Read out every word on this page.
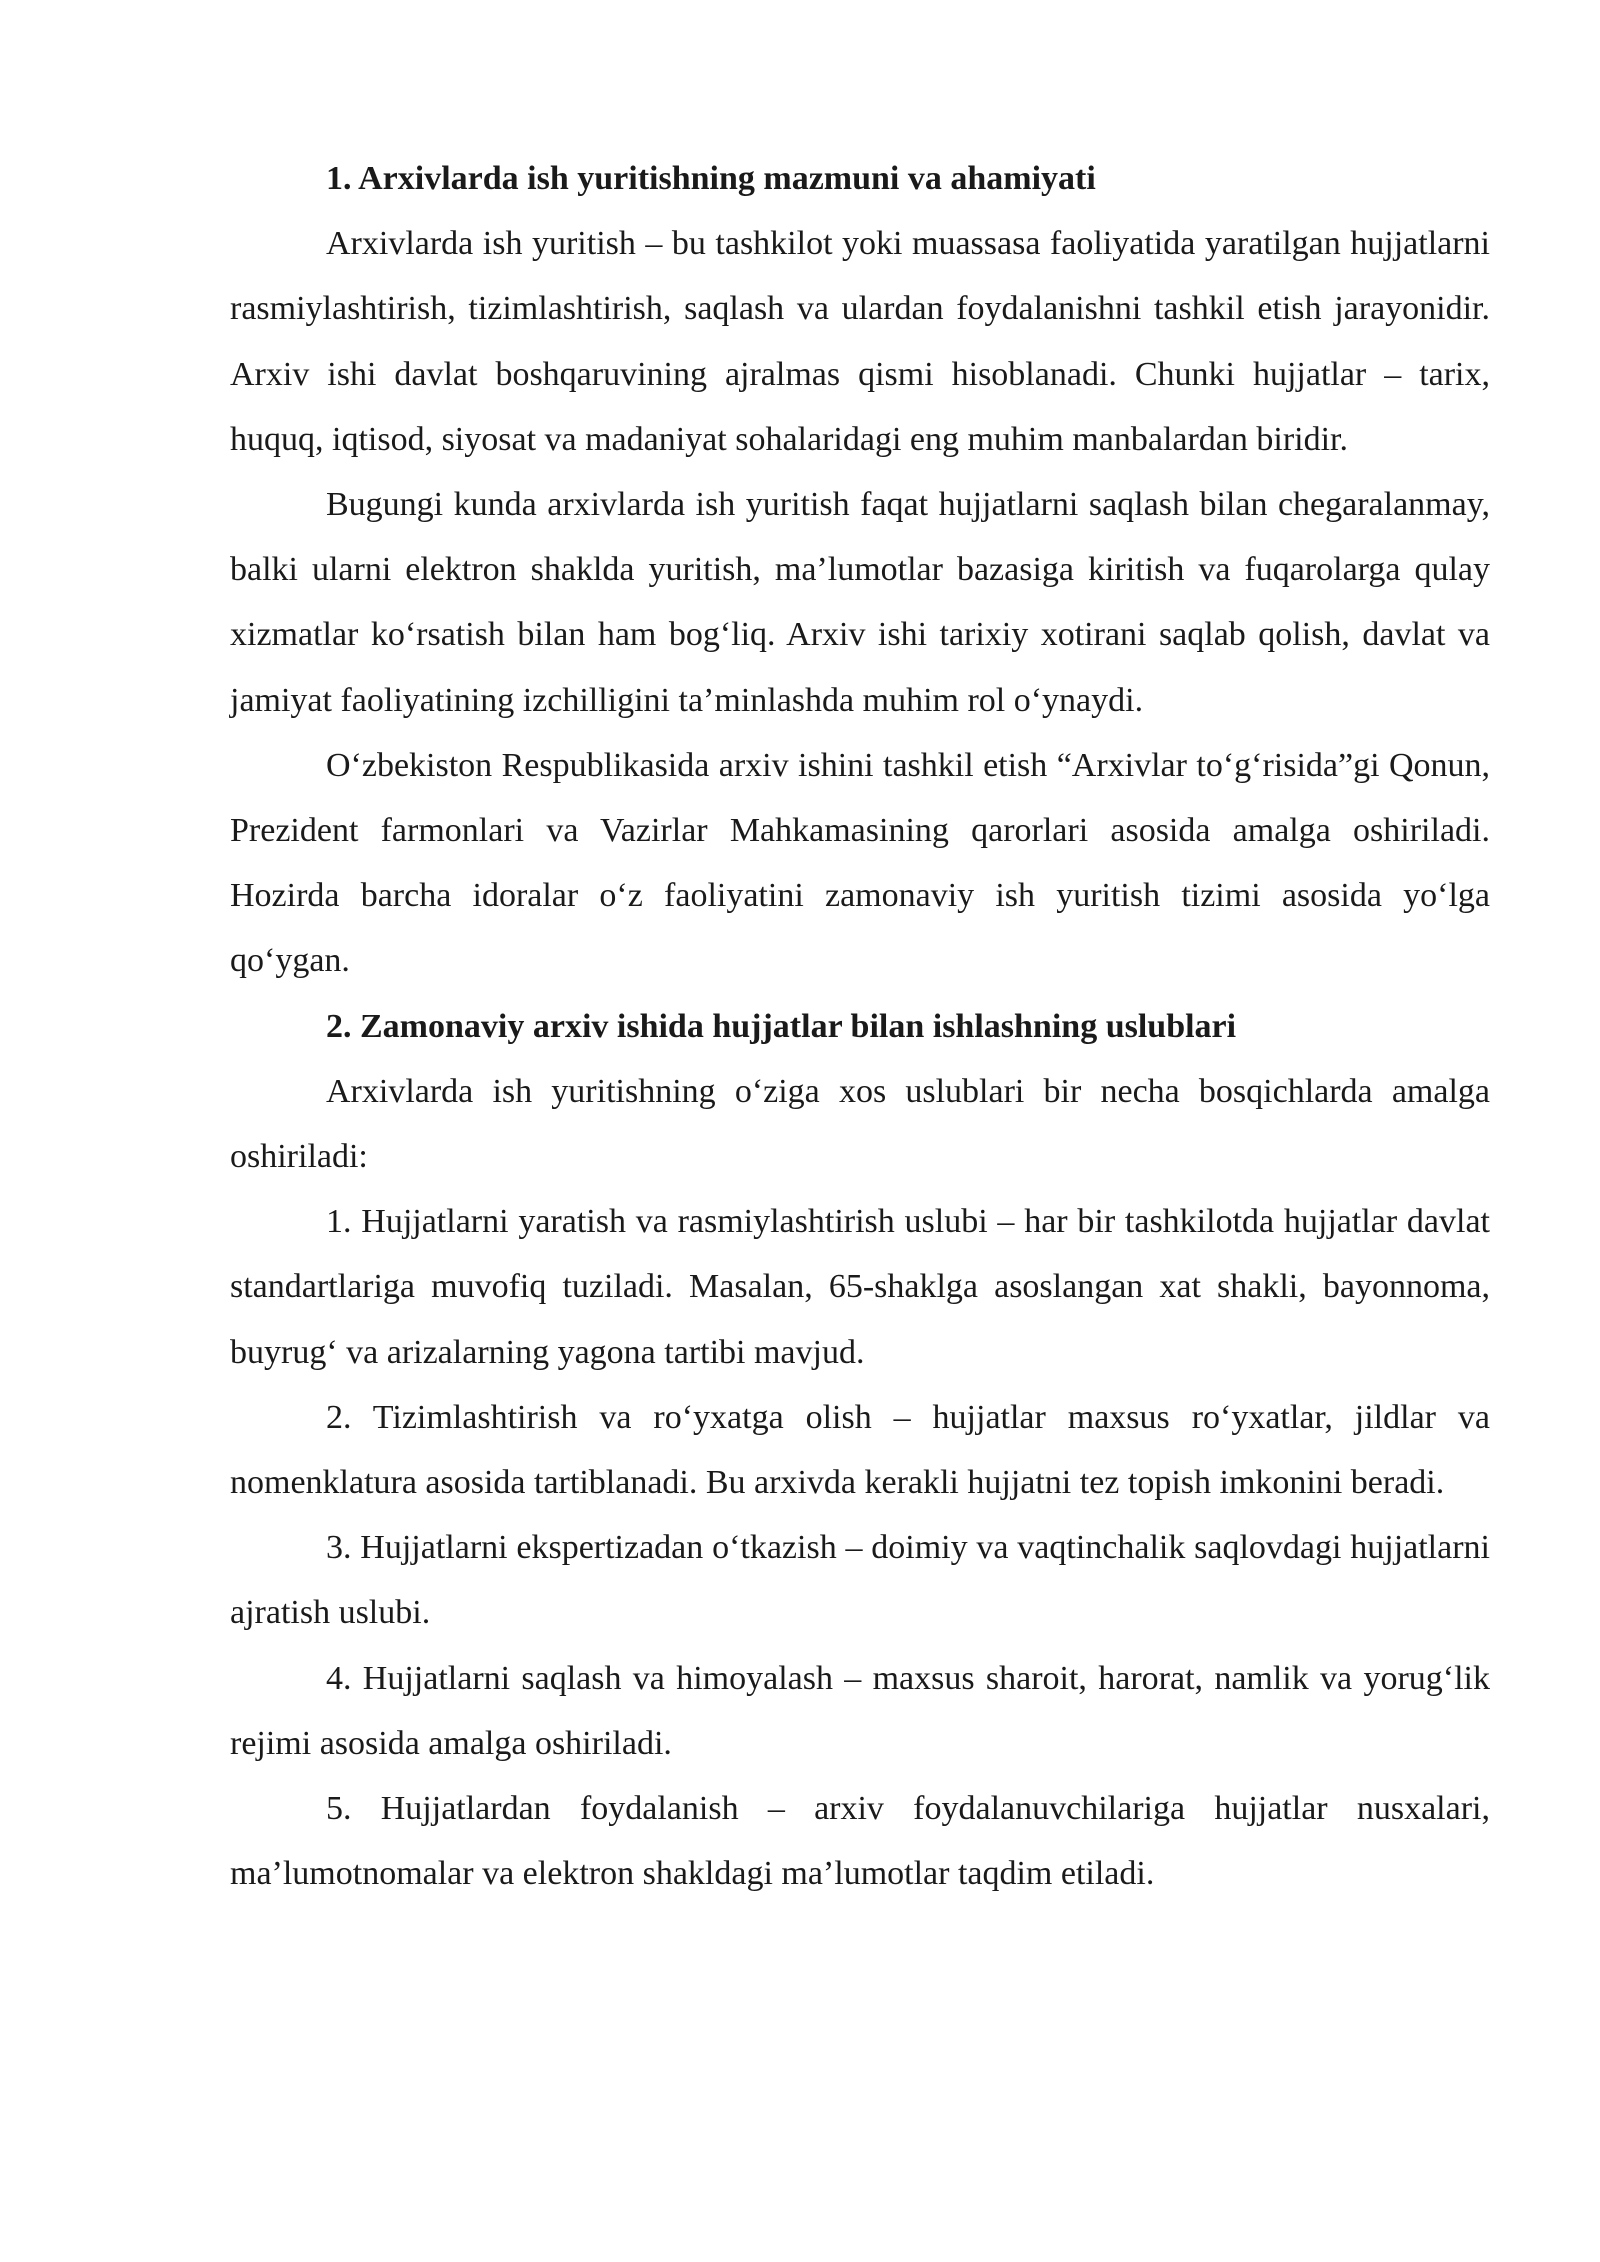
1. Arxivlarda ish yuritishning mazmuni va ahamiyati

Arxivlarda ish yuritish – bu tashkilot yoki muassasa faoliyatida yaratilgan hujjatlarni rasmiylashtirish, tizimlashtirish, saqlash va ulardan foydalanishni tashkil etish jarayonidir. Arxiv ishi davlat boshqaruvining ajralmas qismi hisoblanadi. Chunki hujjatlar – tarix, huquq, iqtisod, siyosat va madaniyat sohalaridagi eng muhim manbalardan biridir.

Bugungi kunda arxivlarda ish yuritish faqat hujjatlarni saqlash bilan chegaralanmay, balki ularni elektron shaklda yuritish, ma’lumotlar bazasiga kiritish va fuqarolarga qulay xizmatlar ko‘rsatish bilan ham bog‘liq. Arxiv ishi tarixiy xotirani saqlab qolish, davlat va jamiyat faoliyatining izchilligini ta’minlashda muhim rol o‘ynaydi.

O‘zbekiston Respublikasida arxiv ishini tashkil etish “Arxivlar to‘g‘risida”gi Qonun, Prezident farmonlari va Vazirlar Mahkamasining qarorlari asosida amalga oshiriladi. Hozirda barcha idoralar o‘z faoliyatini zamonaviy ish yuritish tizimi asosida yo‘lga qo‘ygan.

2. Zamonaviy arxiv ishida hujjatlar bilan ishlashning uslublari

Arxivlarda ish yuritishning o‘ziga xos uslublari bir necha bosqichlarda amalga oshiriladi:

1. Hujjatlarni yaratish va rasmiylashtirish uslubi – har bir tashkilotda hujjatlar davlat standartlariga muvofiq tuziladi. Masalan, 65-shaklga asoslangan xat shakli, bayonnoma, buyrug‘ va arizalarning yagona tartibi mavjud.

2. Tizimlashtirish va ro‘yxatga olish – hujjatlar maxsus ro‘yxatlar, jildlar va nomenklatura asosida tartiblanadi. Bu arxivda kerakli hujjatni tez topish imkonini beradi.

3. Hujjatlarni ekspertizadan o‘tkazish – doimiy va vaqtinchalik saqlovdagi hujjatlarni ajratish uslubi.

4. Hujjatlarni saqlash va himoyalash – maxsus sharoit, harorat, namlik va yorug‘lik rejimi asosida amalga oshiriladi.

5. Hujjatlardan foydalanish – arxiv foydalanuvchilariga hujjatlar nusxalari, ma’lumotnomalar va elektron shakldagi ma’lumotlar taqdim etiladi.
